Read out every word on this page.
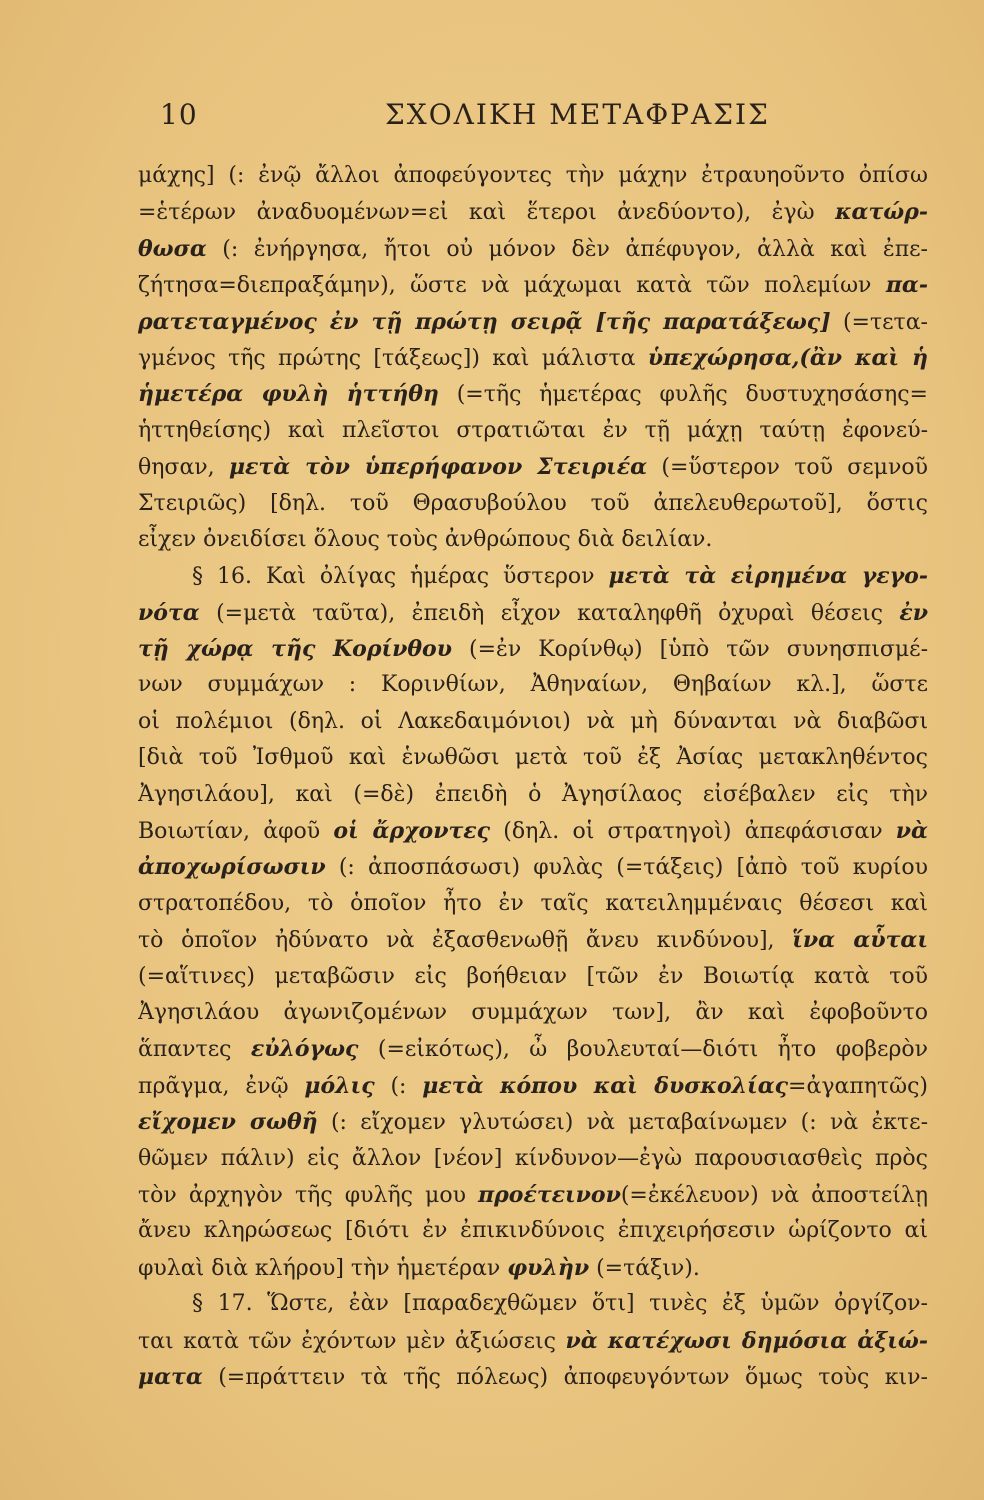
10	ΣΧΟΛΙΚΗ ΜΕΤΑΦΡΑΣΙΣ
μάχης] (: ἐνῷ ἄλλοι ἀποφεύγοντες τὴν μάχην ἐτραυηοῦντο ὀπίσω
=ἑτέρων ἀναδυομένων=εἰ καὶ ἕτεροι ἀνεδύοντο), ἐγὼ κατώρ-
θωσα (: ἐνήργησα, ἤτοι οὐ μόνον δὲν ἀπέφυγον, ἀλλὰ καὶ ἐπε-
ζήτησα=διεπραξάμην), ὥστε νὰ μάχωμαι κατὰ τῶν πολεμίων πα-
ρατεταγμένος ἐν τῇ πρώτῃ σειρᾷ [τῆς παρατάξεως] (=τετα-
γμένος τῆς πρώτης [τάξεως]) καὶ μάλιστα ὑπεχώρησα,(ἂν καὶ ἡ
ἡμετέρα φυλὴ ἡττήθη (=τῆς ἡμετέρας φυλῆς δυστυχησάσης=
ἡττηθείσης) καὶ πλεῖστοι στρατιῶται ἐν τῇ μάχῃ ταύτῃ ἐφονεύ-
θησαν, μετὰ τὸν ὑπερήφανον Στειριέα (=ὕστερον τοῦ σεμνοῦ
Στειριῶς) [δηλ. τοῦ Θρασυβούλου τοῦ ἀπελευθερωτοῦ], ὅστις
εἶχεν ὀνειδίσει ὅλους τοὺς ἀνθρώπους διὰ δειλίαν.
§ 16. Καὶ ὀλίγας ἡμέρας ὕστερον μετὰ τὰ εἰρημένα γεγο-
νότα (=μετὰ ταῦτα), ἐπειδὴ εἶχον καταληφθῆ ὀχυραὶ θέσεις ἐν
τῇ χώρᾳ τῆς Κορίνθου (=ἐν Κορίνθῳ) [ὑπὸ τῶν συνησπισμέ-
νων συμμάχων : Κορινθίων, Ἀθηναίων, Θηβαίων κλ.], ὥστε
οἱ πολέμιοι (δηλ. οἱ Λακεδαιμόνιοι) νὰ μὴ δύνανται νὰ διαβῶσι
[διὰ τοῦ Ἰσθμοῦ καὶ ἑνωθῶσι μετὰ τοῦ ἐξ Ἀσίας μετακληθέντος
Ἀγησιλάου], καὶ (=δὲ) ἐπειδὴ ὁ Ἀγησίλαος εἰσέβαλεν εἰς τὴν
Βοιωτίαν, ἀφοῦ οἱ ἄρχοντες (δηλ. οἱ στρατηγοὶ) ἀπεφάσισαν νὰ
ἀποχωρίσωσιν (: ἀποσπάσωσι) φυλὰς (=τάξεις) [ἀπὸ τοῦ κυρίου
στρατοπέδου, τὸ ὁποῖον ἦτο ἐν ταῖς κατειλημμέναις θέσεσι καὶ
τὸ ὁποῖον ἠδύνατο νὰ ἐξασθενωθῇ ἄνευ κινδύνου], ἵνα αὗται
(=αἵτινες) μεταβῶσιν εἰς βοήθειαν [τῶν ἐν Βοιωτίᾳ κατὰ τοῦ
Ἀγησιλάου ἀγωνιζομένων συμμάχων των], ἂν καὶ ἐφοβοῦντο
ἅπαντες εὐλόγως (=εἰκότως), ὦ βουλευταί—διότι ἦτο φοβερὸν
πρᾶγμα, ἐνῷ μόλις (: μετὰ κόπου καὶ δυσκολίας=ἀγαπητῶς)
εἴχομεν σωθῆ (: εἴχομεν γλυτώσει) νὰ μεταβαίνωμεν (: νὰ ἐκτε-
θῶμεν πάλιν) εἰς ἄλλον [νέον] κίνδυνον—ἐγὼ παρουσιασθεὶς πρὸς
τὸν ἀρχηγὸν τῆς φυλῆς μου προέτεινον(=ἐκέλευον) νὰ ἀποστείλῃ
ἄνευ κληρώσεως [διότι ἐν ἐπικινδύνοις ἐπιχειρήσεσιν ὡρίζοντο αἱ
φυλαὶ διὰ κλήρου] τὴν ἡμετέραν φυλὴν (=τάξιν).
§ 17. Ὥστε, ἐὰν [παραδεχθῶμεν ὅτι] τινὲς ἐξ ὑμῶν ὀργίζον-
ται κατὰ τῶν ἐχόντων μὲν ἀξιώσεις νὰ κατέχωσι δημόσια ἀξιώ-
ματα (=πράττειν τὰ τῆς πόλεως) ἀποφευγόντων ὅμως τοὺς κιν-
